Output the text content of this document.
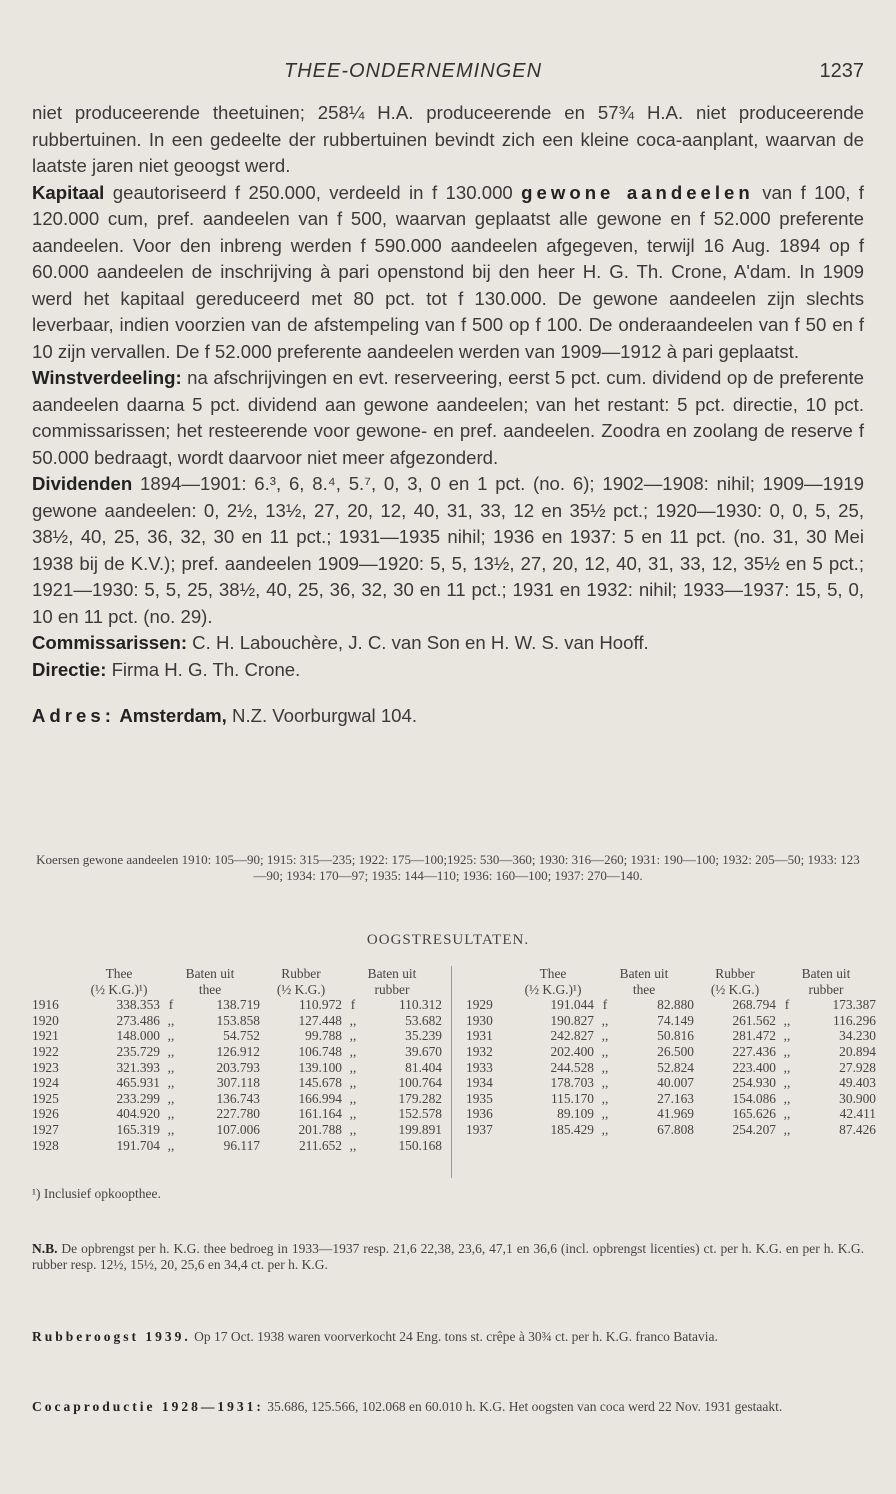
THEE-ONDERNEMINGEN	1237

niet produceerende theetuinen; 258¼ H.A. produceerende en 57¾ H.A. niet produceerende rubbertuinen. In een gedeelte der rubbertuinen bevindt zich een kleine coca-aanplant, waarvan de laatste jaren niet geoogst werd.

Kapitaal geautoriseerd f 250.000, verdeeld in f 130.000 gewone aandeelen van f 100, f 120.000 cum, pref. aandeelen van f 500, waarvan geplaatst alle gewone en f 52.000 preferente aandeelen. Voor den inbreng werden f 590.000 aandeelen afgegeven, terwijl 16 Aug. 1894 op f 60.000 aandeelen de inschrijving à pari openstond bij den heer H. G. Th. Crone, A'dam. In 1909 werd het kapitaal gereduceerd met 80 pct. tot f 130.000. De gewone aandeelen zijn slechts leverbaar, indien voorzien van de afstempeling van f 500 op f 100. De onderaandeelen van f 50 en f 10 zijn vervallen. De f 52.000 preferente aandeelen werden van 1909—1912 à pari geplaatst.

Winstverdeeling: na afschrijvingen en evt. reserveering, eerst 5 pct. cum. dividend op de preferente aandeelen daarna 5 pct. dividend aan gewone aandeelen; van het restant: 5 pct. directie, 10 pct. commissarissen; het resteerende voor gewone- en pref. aandeelen. Zoodra en zoolang de reserve f 50.000 bedraagt, wordt daarvoor niet meer afgezonderd.

Dividenden 1894—1901: 6.³, 6, 8.⁴, 5.⁷, 0, 3, 0 en 1 pct. (no. 6); 1902—1908: nihil; 1909—1919 gewone aandeelen: 0, 2½, 13½, 27, 20, 12, 40, 31, 33, 12 en 35½ pct.; 1920—1930: 0, 0, 5, 25, 38½, 40, 25, 36, 32, 30 en 11 pct.; 1931—1935 nihil; 1936 en 1937: 5 en 11 pct. (no. 31, 30 Mei 1938 bij de K.V.); pref. aandeelen 1909—1920: 5, 5, 13½, 27, 20, 12, 40, 31, 33, 12, 35½ en 5 pct.; 1921—1930: 5, 5, 25, 38½, 40, 25, 36, 32, 30 en 11 pct.; 1931 en 1932: nihil; 1933—1937: 15, 5, 0, 10 en 11 pct. (no. 29).

Commissarissen: C. H. Labouchère, J. C. van Son en H. W. S. van Hooff.

Directie: Firma H. G. Th. Crone.

Adres: Amsterdam, N.Z. Voorburgwal 104.

Koersen gewone aandeelen 1910: 105—90; 1915: 315—235; 1922: 175—100;1925: 530—360; 1930: 316—260; 1931: 190—100; 1932: 205—50; 1933: 123—90; 1934: 170—97; 1935: 144—110; 1936: 160—100; 1937: 270—140.
OOGSTRESULTATEN.
	Thee	Baten uit		Rubber	Baten uit	
	(½ K.G.)¹)	thee		(½ K.G.)	rubber	
1916	338.353	f	138.719	110.972	f	110.312
1920	273.486	,,	153.858	127.448	,,	53.682
1921	148.000	,,	54.752	99.788	,,	35.239
1922	235.729	,,	126.912	106.748	,,	39.670
1923	321.393	,,	203.793	139.100	,,	81.404
1924	465.931	,,	307.118	145.678	,,	100.764
1925	233.299	,,	136.743	166.994	,,	179.282
1926	404.920	,,	227.780	161.164	,,	152.578
1927	165.319	,,	107.006	201.788	,,	199.891
1928	191.704	,,	96.117	211.652	,,	150.168
	Thee	Baten uit		Rubber	Baten uit	
	(½ K.G.)¹)	thee		(½ K.G.)	rubber	
1929	191.044	f	82.880	268.794	f	173.387
1930	190.827	,,	74.149	261.562	,,	116.296
1931	242.827	,,	50.816	281.472	,,	34.230
1932	202.400	,,	26.500	227.436	,,	20.894
1933	244.528	,,	52.824	223.400	,,	27.928
1934	178.703	,,	40.007	254.930	,,	49.403
1935	115.170	,,	27.163	154.086	,,	30.900
1936	89.109	,,	41.969	165.626	,,	42.411
1937	185.429	,,	67.808	254.207	,,	87.426
¹) Inclusief opkoopthee.
N.B. De opbrengst per h. K.G. thee bedroeg in 1933—1937 resp. 21,6 22,38, 23,6, 47,1 en 36,6 (incl. opbrengst licenties) ct. per h. K.G. en per h. K.G. rubber resp. 12½, 15½, 20, 25,6 en 34,4 ct. per h. K.G.
Rubberoogst 1939. Op 17 Oct. 1938 waren voorverkocht 24 Eng. tons st. crêpe à 30¾ ct. per h. K.G. franco Batavia.
Cocaproductie 1928—1931: 35.686, 125.566, 102.068 en 60.010 h. K.G. Het oogsten van coca werd 22 Nov. 1931 gestaakt.
